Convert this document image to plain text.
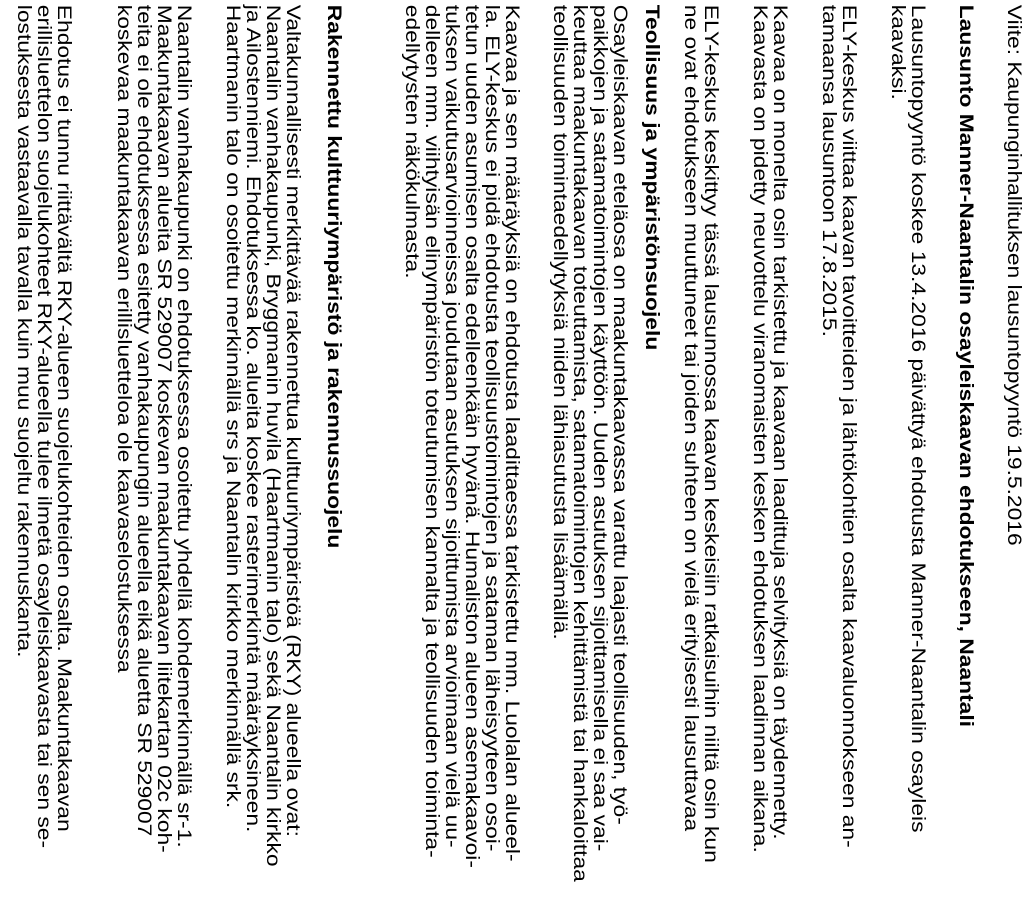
Viite: Kaupunginhallituksen lausuntopyyntö 19.5.2016
Lausunto Manner-Naantalin osayleiskaavan ehdotukseen, Naantali
Lausuntopyyntö koskee 13.4.2016 päivättyä ehdotusta Manner-Naantalin osayleis
kaavaksi.
ELY-keskus viittaa kaavan tavoitteiden ja lähtökohtien osalta kaavaluonnokseen an-
tamaansa lausuntoon 17.8.2015.
Kaavaa on monelta osin tarkistettu ja kaavaan laadittuja selvityksiä on täydennetty.
Kaavasta on pidetty neuvottelu viranomaisten kesken ehdotuksen laadinnan aikana.
ELY-keskus keskittyy tässä lausunnossa kaavan keskeisiin ratkaisuihin niiltä osin kun
ne ovat ehdotukseen muuttuneet tai joiden suhteen on vielä erityisesti lausuttavaa
Teollisuus ja ympäristönsuojelu
Osayleiskaavan eteläosa on maakuntakaavassa varattu laajasti teollisuuden, työ-
paikkojen ja satamatoimintojen käyttöön. Uuden asutuksen sijoittamisella ei saa vai-
keuttaa maakuntakaavan toteuttamista, satamatoimintojen kehittämistä tai hankaloittaa
teollisuuden toimintaedellytyksiä niiden lähiasutusta lisäämällä.
Kaavaa ja sen määräyksiä on ehdotusta laadittaessa tarkistettu mm. Luolalan alueel-
la. ELY-keskus ei pidä ehdotusta teollisuustoimintojen ja sataman läheisyyteen osoi-
tetun uuden asumisen osalta edelleenkään hyvänä. Humaliston alueen asemakaavoi-
tuksen vaikutusarvioinneissa joudutaan asutuksen sijoittumista arvioimaan vielä uu-
delleen mm. viihtyisän elinympäristön toteutumisen kannalta ja teollisuuden toiminta-
edellytysten näkökulmasta.
Rakennettu kulttuuriympäristö ja rakennussuojelu
Valtakunnallisesti merkittävää rakennettua kulttuuriympäristöä (RKY) alueella ovat:
Naantalin vanhakaupunki, Bryggmanin huvila (Haartmanin talo) sekä Naantalin kirkko
ja Ailostenniemi. Ehdotuksessa ko. alueita koskee rasterimerkintä määräyksineen.
Haartmanin talo on osoitettu merkinnällä srs ja Naantalin kirkko merkinnällä srk.
Naantalin vanhakaupunki on ehdotuksessa osoitettu yhdellä kohdemerkinnällä sr-1.
Maakuntakaavan alueita SR 529007 koskevan maakuntakaavan liitekartan 02c koh-
teita ei ole ehdotuksessa esitetty vanhakaupungin alueella eikä aluetta SR 529007
koskevaa maakuntakaavan erillisluetteloa ole kaavaselostuksessa
Ehdotus ei tunnu riittävältä RKY-alueen suojelukohteiden osalta. Maakuntakaavan
erillisluettelon suojelukohteet RKY-alueella tulee ilmetä osayleiskaavasta tai sen se-
lostuksesta vastaavalla tavalla kuin muu suojeltu rakennuskanta.
